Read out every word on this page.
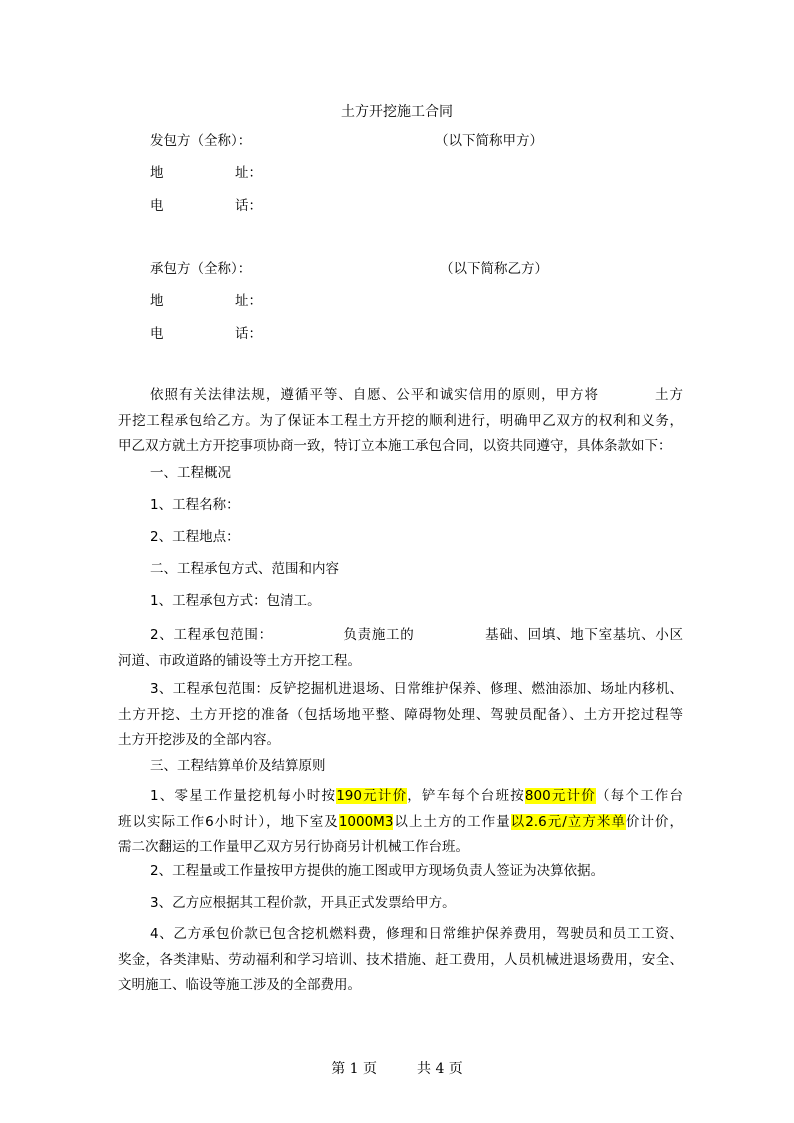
土方开挖施工合同
发包方（全称）：	（以下简称甲方）
地	址：
电	话：
承包方（全称）：	（以下简称乙方）
地	址：
电	话：
依照有关法律法规，遵循平等、自愿、公平和诚实信用的原则，甲方将	土方
开挖工程承包给乙方。为了保证本工程土方开挖的顺利进行，明确甲乙双方的权利和义务，
甲乙双方就土方开挖事项协商一致，特订立本施工承包合同，以资共同遵守，具体条款如下：
一、工程概况
1、工程名称：
2、工程地点：
二、工程承包方式、范围和内容
1、工程承包方式：包清工。
2、工程承包范围：	负责施工的	基础、回填、地下室基坑、小区
河道、市政道路的铺设等土方开挖工程。
3、工程承包范围：反铲挖掘机进退场、日常维护保养、修理、燃油添加、场址内移机、
土方开挖、土方开挖的准备（包括场地平整、障碍物处理、驾驶员配备）、土方开挖过程等
土方开挖涉及的全部内容。
三、工程结算单价及结算原则
1、零星工作量挖机每小时按190元计价，铲车每个台班按800元计价（每个工作台
班以实际工作6小时计），地下室及1000M3以上土方的工作量以2.6元/立方米单价计价，
需二次翻运的工作量甲乙双方另行协商另计机械工作台班。
2、工程量或工作量按甲方提供的施工图或甲方现场负责人签证为决算依据。
3、乙方应根据其工程价款，开具正式发票给甲方。
4、乙方承包价款已包含挖机燃料费，修理和日常维护保养费用，驾驶员和员工工资、
奖金，各类津贴、劳动福利和学习培训、技术措施、赶工费用，人员机械进退场费用，安全、
文明施工、临设等施工涉及的全部费用。
第 1 页	共 4 页
